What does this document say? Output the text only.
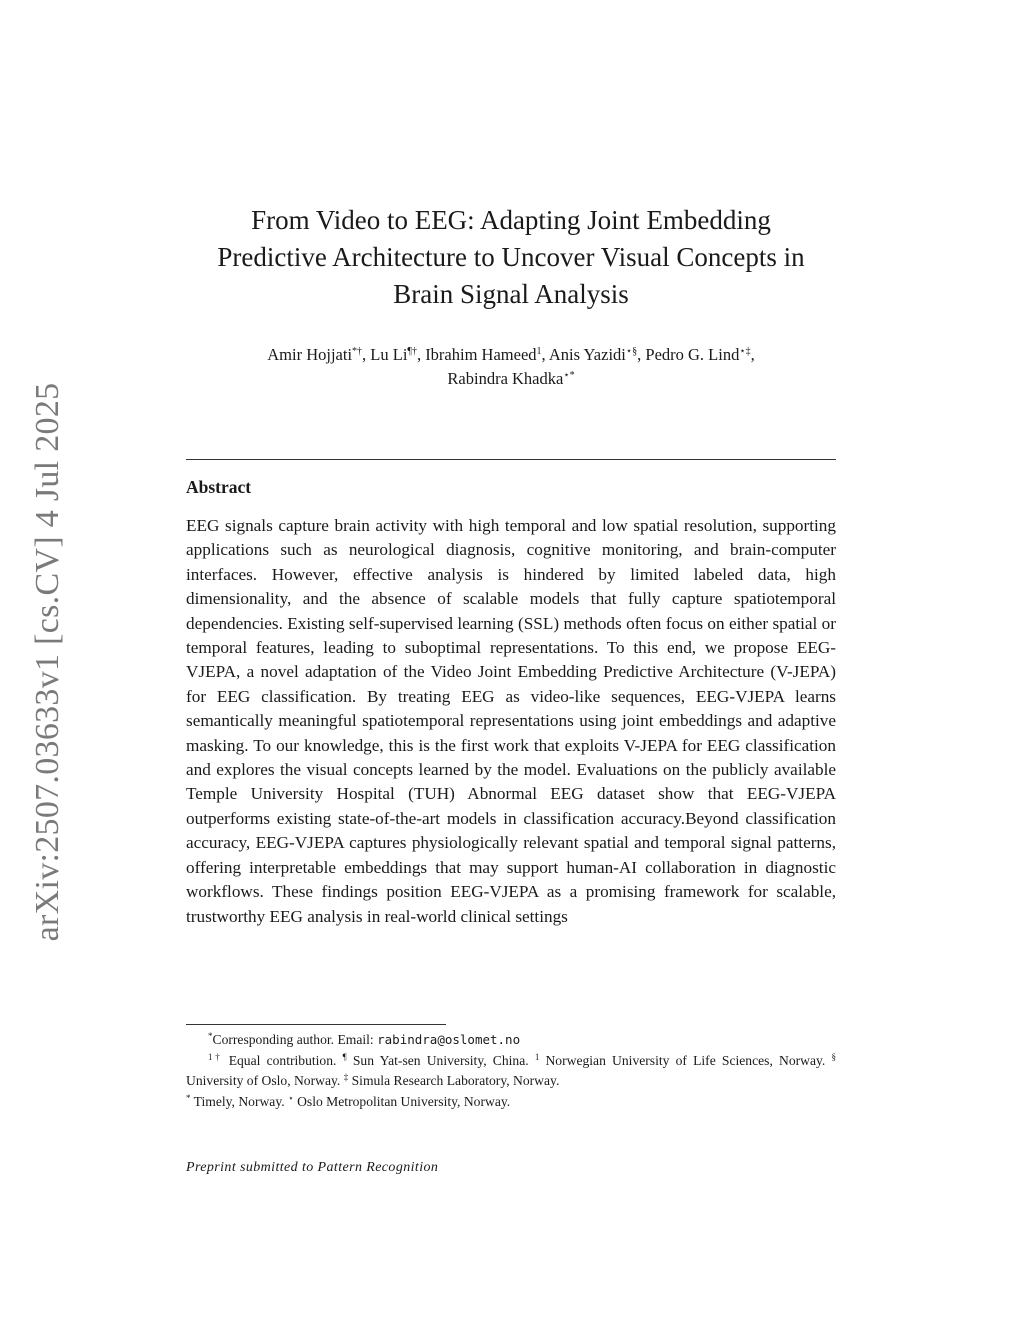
arXiv:2507.03633v1 [cs.CV] 4 Jul 2025
From Video to EEG: Adapting Joint Embedding
Predictive Architecture to Uncover Visual Concepts in
Brain Signal Analysis
Amir Hojjati*†, Lu Li¶†, Ibrahim Hameed$^1$, Anis Yazidi⋆§, Pedro G. Lind⋆‡,
Rabindra Khadka⋆*
Abstract

EEG signals capture brain activity with high temporal and low spatial resolution, supporting applications such as neurological diagnosis, cognitive monitoring, and brain-computer interfaces. However, effective analysis is hindered by limited labeled data, high dimensionality, and the absence of scalable models that fully capture spatiotemporal dependencies. Existing self-supervised learning (SSL) methods often focus on either spatial or temporal features, leading to suboptimal representations. To this end, we propose EEG-VJEPA, a novel adaptation of the Video Joint Embedding Predictive Architecture (V-JEPA) for EEG classification. By treating EEG as video-like sequences, EEG-VJEPA learns semantically meaningful spatiotemporal representations using joint embeddings and adaptive masking. To our knowledge, this is the first work that exploits V-JEPA for EEG classification and explores the visual concepts learned by the model. Evaluations on the publicly available Temple University Hospital (TUH) Abnormal EEG dataset show that EEG-VJEPA outperforms existing state-of-the-art models in classification accuracy.Beyond classification accuracy, EEG-VJEPA captures physiologically relevant spatial and temporal signal patterns, offering interpretable embeddings that may support human-AI collaboration in diagnostic workflows. These findings position EEG-VJEPA as a promising framework for scalable, trustworthy EEG analysis in real-world clinical settings

*Corresponding author. Email: rabindra@oslomet.no

$^{1\dagger}$ Equal contribution. ¶ Sun Yat-sen University, China. $^1$ Norwegian University of Life Sciences, Norway. § University of Oslo, Norway. ‡ Simula Research Laboratory, Norway.
* Timely, Norway. ⋆ Oslo Metropolitan University, Norway.

Preprint submitted to Pattern Recognition
